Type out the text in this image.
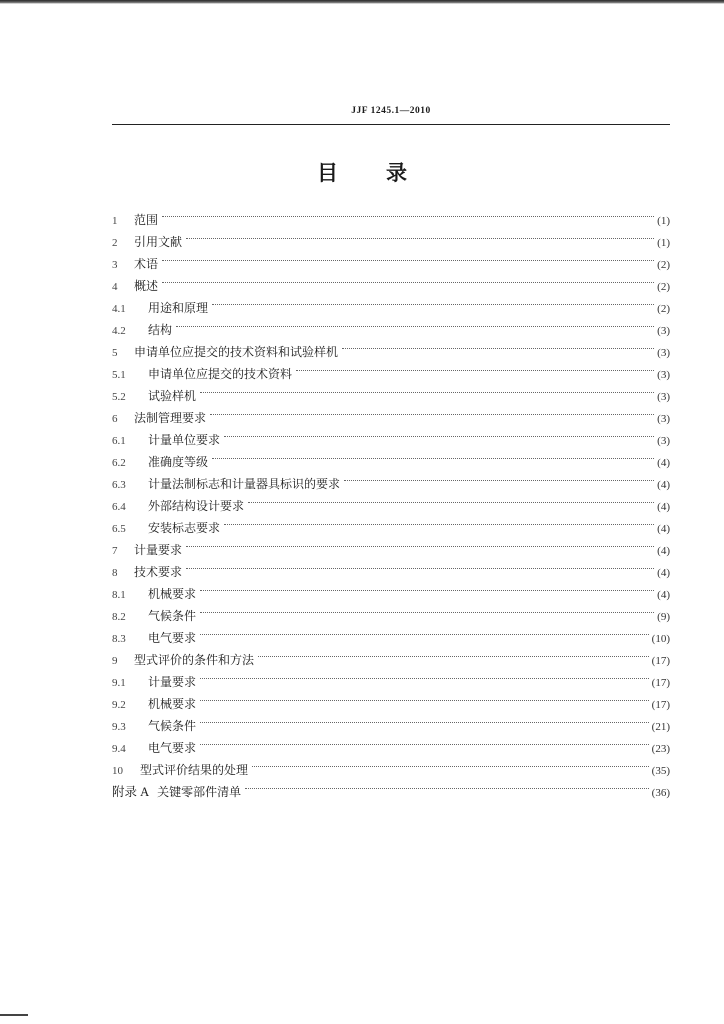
JJF 1245.1—2010
目 录
1	范围	(1)
2	引用文献	(1)
3	术语	(2)
4	概述	(2)
4.1	用途和原理	(2)
4.2	结构	(3)
5	申请单位应提交的技术资料和试验样机	(3)
5.1	申请单位应提交的技术资料	(3)
5.2	试验样机	(3)
6	法制管理要求	(3)
6.1	计量单位要求	(3)
6.2	准确度等级	(4)
6.3	计量法制标志和计量器具标识的要求	(4)
6.4	外部结构设计要求	(4)
6.5	安装标志要求	(4)
7	计量要求	(4)
8	技术要求	(4)
8.1	机械要求	(4)
8.2	气候条件	(9)
8.3	电气要求	(10)
9	型式评价的条件和方法	(17)
9.1	计量要求	(17)
9.2	机械要求	(17)
9.3	气候条件	(21)
9.4	电气要求	(23)
10	型式评价结果的处理	(35)
附录 A 关键零部件清单	(36)
